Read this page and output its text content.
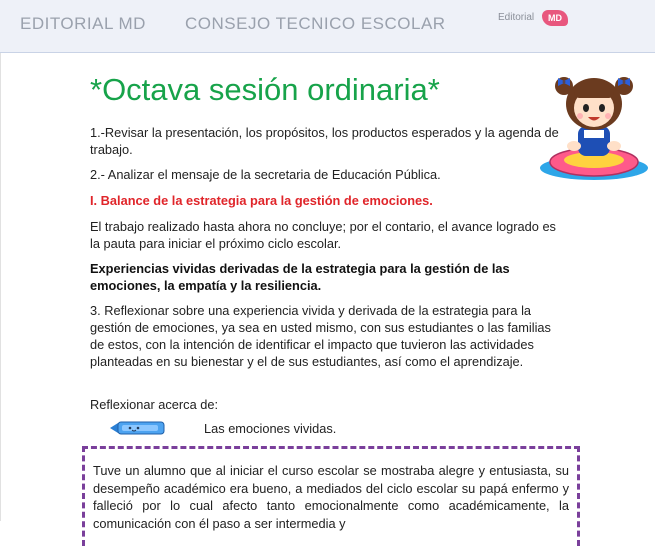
EDITORIAL MD CONSEJO TECNICO ESCOLAR	Editorial	MD
*Octava sesión ordinaria*
1.-Revisar la presentación, los propósitos, los productos esperados y la agenda de trabajo.
2.- Analizar el mensaje de la secretaria de Educación Pública.
I. Balance de la estrategia para la gestión de emociones.
El trabajo realizado hasta ahora no concluye; por el contario, el avance logrado es la pauta para iniciar el próximo ciclo escolar.
Experiencias vividas derivadas de la estrategia para la gestión de las emociones, la empatía y la resiliencia.
3. Reflexionar sobre una experiencia vivida y derivada de la estrategia para la gestión de emociones, ya sea en usted mismo, con sus estudiantes o las familias de estos, con la intención de identificar el impacto que tuvieron las actividades planteadas en su bienestar y el de sus estudiantes, así como el aprendizaje.
Reflexionar acerca de:
Las emociones vividas.
Tuve un alumno que al iniciar el curso escolar se mostraba alegre y entusiasta, su desempeño académico era bueno, a mediados del ciclo escolar su papá enfermo y falleció por lo cual afecto tanto emocionalmente como académicamente, la comunicación con él paso a ser intermedia y
